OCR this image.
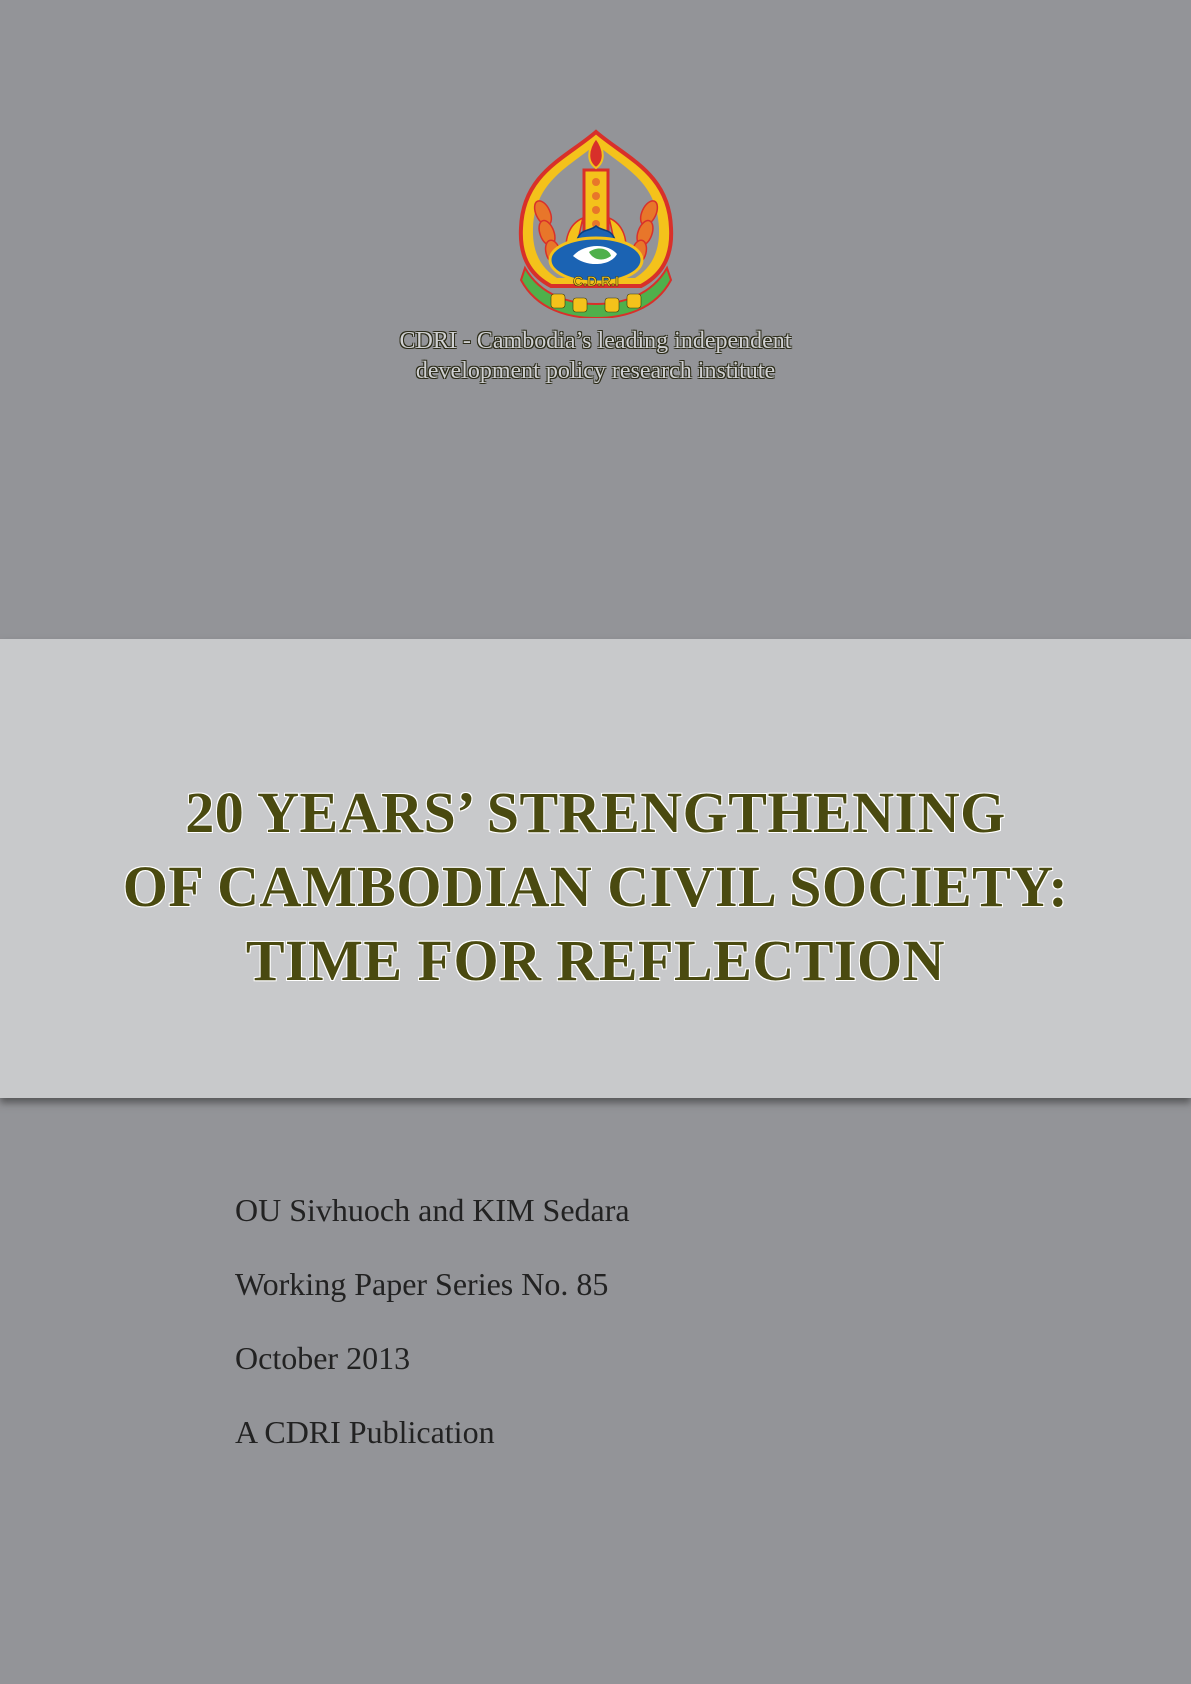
C.D.R.I
CDRI - Cambodia’s leading independent
development policy research institute
20 YEARS’ STRENGTHENING
OF CAMBODIAN CIVIL SOCIETY:
TIME FOR REFLECTION
OU Sivhuoch and KIM Sedara
Working Paper Series No. 85
October 2013
A CDRI Publication
